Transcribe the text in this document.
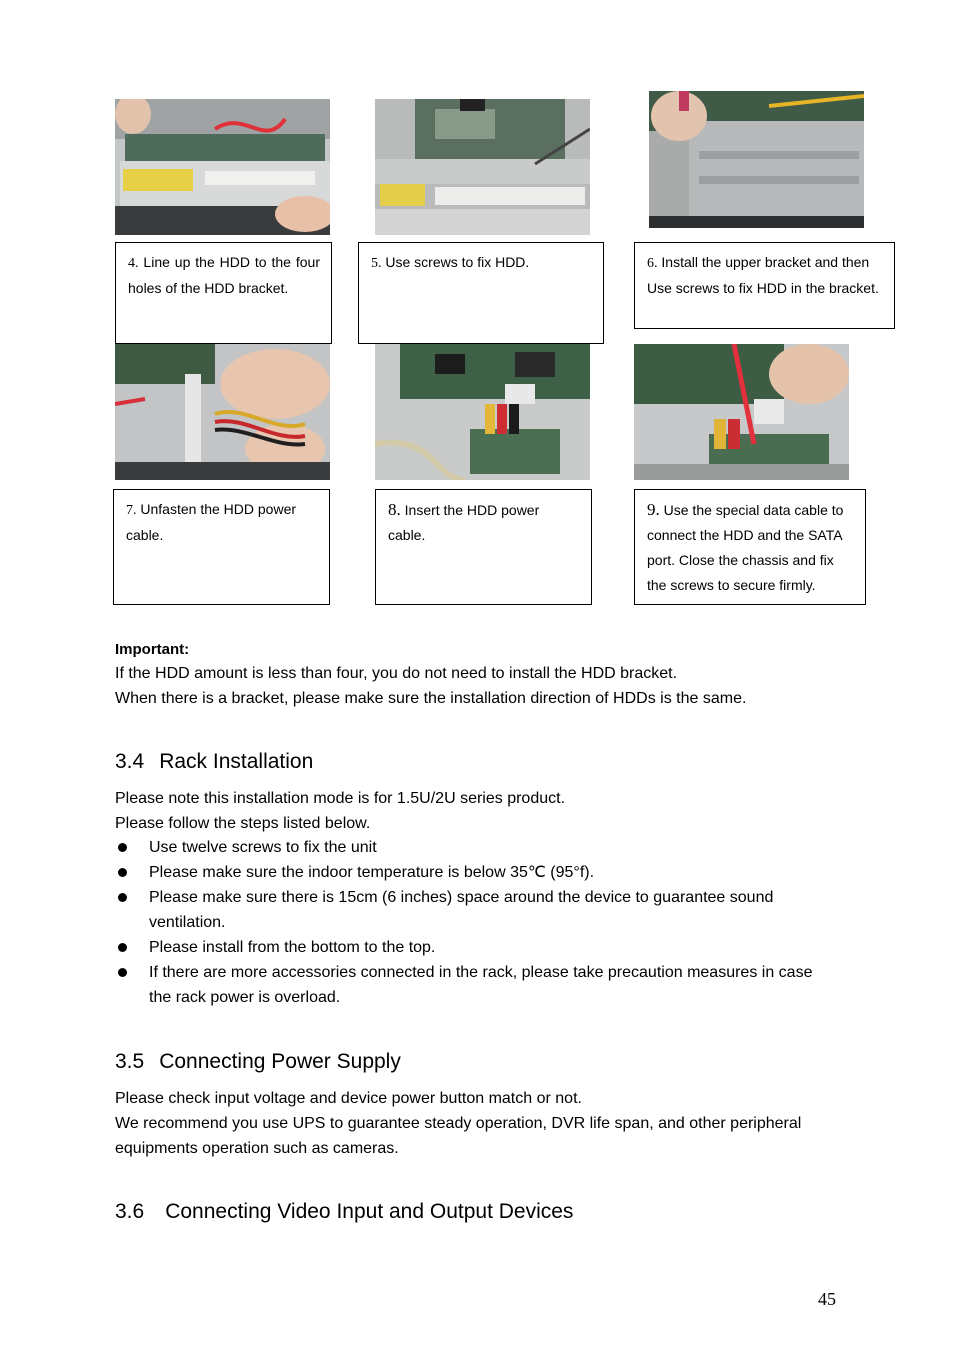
4. Line up the HDD to the four holes of the HDD bracket.
5. Use screws to fix HDD.	6. Install the upper bracket and then Use screws to fix HDD in the bracket.
7. Unfasten the HDD power cable.
8. Insert the HDD power cable.
9. Use the special data cable to connect the HDD and the SATA port. Close the chassis and fix the screws to secure firmly.
Important:
If the HDD amount is less than four, you do not need to install the HDD bracket.
When there is a bracket, please make sure the installation direction of HDDs is the same.
3.4 Rack Installation
Please note this installation mode is for 1.5U/2U series product.
Please follow the steps listed below.
Use twelve screws to fix the unit
Please make sure the indoor temperature is below 35℃ (95°f).
Please make sure there is 15cm (6 inches) space around the device to guarantee sound ventilation.
Please install from the bottom to the top.
If there are more accessories connected in the rack, please take precaution measures in case the rack power is overload.
3.5 Connecting Power Supply
Please check input voltage and device power button match or not.
We recommend you use UPS to guarantee steady operation, DVR life span, and other peripheral
equipments operation such as cameras.
3.6 Connecting Video Input and Output Devices
45
